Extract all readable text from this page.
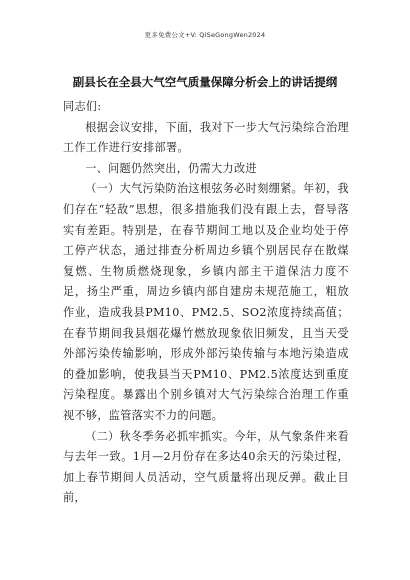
更多免费公文+V: QiSeGongWen2024
副县长在全县大气空气质量保障分析会上的讲话提纲

同志们:

根据会议安排，下面，我对下一步大气污染综合治理工作工作进行安排部署。

一、问题仍然突出，仍需大力改进

（一）大气污染防治这根弦务必时刻绷紧。年初，我们存在“轻敌”思想，很多措施我们没有跟上去，督导落实有差距。特别是，在春节期间工地以及企业均处于停工停产状态，通过排查分析周边乡镇个别居民存在散煤复燃、生物质燃烧现象，乡镇内部主干道保洁力度不足，扬尘严重，周边乡镇内部自建房未规范施工，粗放作业，造成我县PM10、PM2.5、SO2浓度持续高值；在春节期间我县烟花爆竹燃放现象依旧频发，且当天受外部污染传输影响，形成外部污染传输与本地污染造成的叠加影响，使我县当天PM10、PM2.5浓度达到重度污染程度。暴露出个别乡镇对大气污染综合治理工作重视不够，监管落实不力的问题。

（二）秋冬季务必抓牢抓实。今年，从气象条件来看与去年一致。1月—2月份存在多达40余天的污染过程，加上春节期间人员活动，空气质量将出现反弹。截止目前，
